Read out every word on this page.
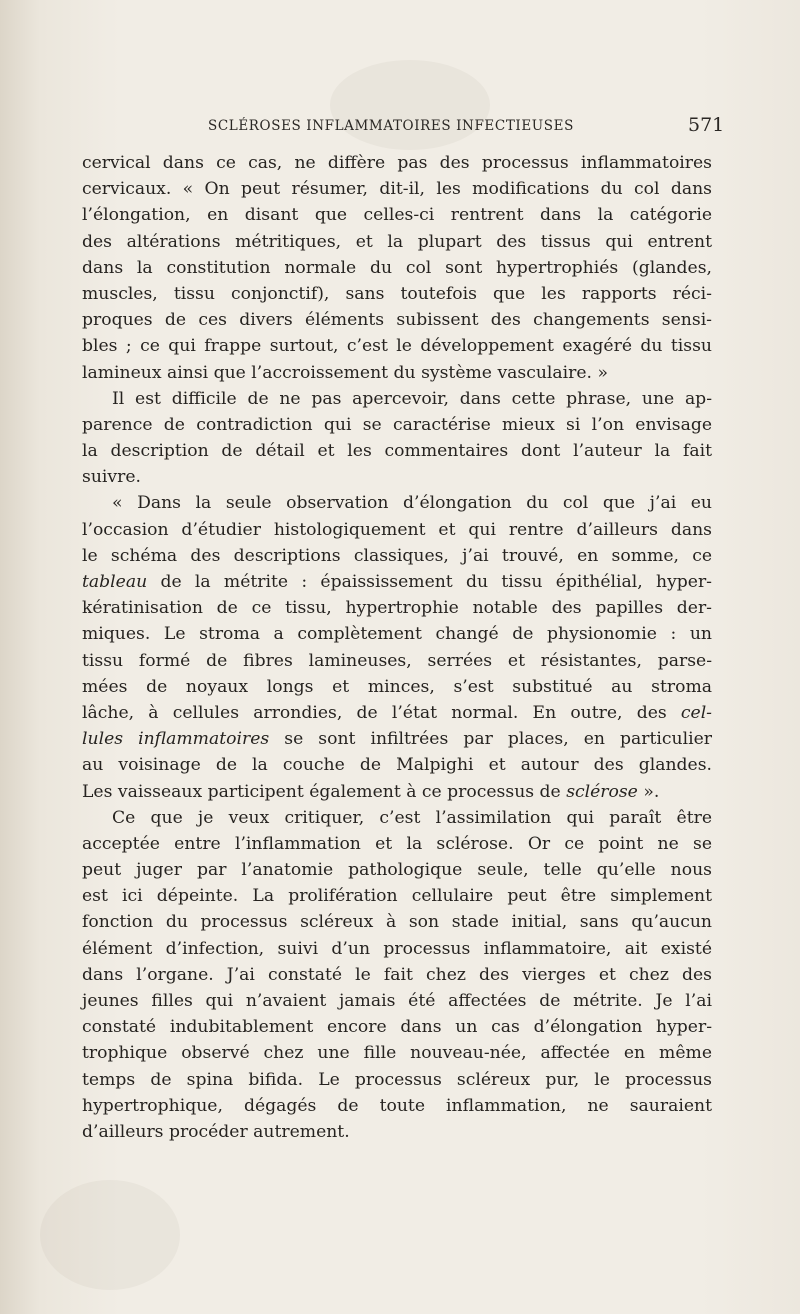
SCLÉROSES INFLAMMATOIRES INFECTIEUSES	571
cervical dans ce cas, ne diffère pas des processus inflammatoires
cervicaux. « On peut résumer, dit-il, les modifications du col dans
l’élongation, en disant que celles-ci rentrent dans la catégorie
des altérations métritiques, et la plupart des tissus qui entrent
dans la constitution normale du col sont hypertrophiés (glandes,
muscles, tissu conjonctif), sans toutefois que les rapports réci-
proques de ces divers éléments subissent des changements sensi-
bles ; ce qui frappe surtout, c’est le développement exagéré du tissu
lamineux ainsi que l’accroissement du système vasculaire. »
Il est difficile de ne pas apercevoir, dans cette phrase, une ap-
parence de contradiction qui se caractérise mieux si l’on envisage
la description de détail et les commentaires dont l’auteur la fait
suivre.
« Dans la seule observation d’élongation du col que j’ai eu
l’occasion d’étudier histologiquement et qui rentre d’ailleurs dans
le schéma des descriptions classiques, j’ai trouvé, en somme, ce
tableau de la métrite : épaississement du tissu épithélial, hyper-
kératinisation de ce tissu, hypertrophie notable des papilles der-
miques. Le stroma a complètement changé de physionomie : un
tissu formé de fibres lamineuses, serrées et résistantes, parse-
mées de noyaux longs et minces, s’est substitué au stroma
lâche, à cellules arrondies, de l’état normal. En outre, des cel-
lules inflammatoires se sont infiltrées par places, en particulier
au voisinage de la couche de Malpighi et autour des glandes.
Les vaisseaux participent également à ce processus de sclérose ».
Ce que je veux critiquer, c’est l’assimilation qui paraît être
acceptée entre l’inflammation et la sclérose. Or ce point ne se
peut juger par l’anatomie pathologique seule, telle qu’elle nous
est ici dépeinte. La prolifération cellulaire peut être simplement
fonction du processus scléreux à son stade initial, sans qu’aucun
élément d’infection, suivi d’un processus inflammatoire, ait existé
dans l’organe. J’ai constaté le fait chez des vierges et chez des
jeunes filles qui n’avaient jamais été affectées de métrite. Je l’ai
constaté indubitablement encore dans un cas d’élongation hyper-
trophique observé chez une fille nouveau-née, affectée en même
temps de spina bifida. Le processus scléreux pur, le processus
hypertrophique, dégagés de toute inflammation, ne sauraient
d’ailleurs procéder autrement.
